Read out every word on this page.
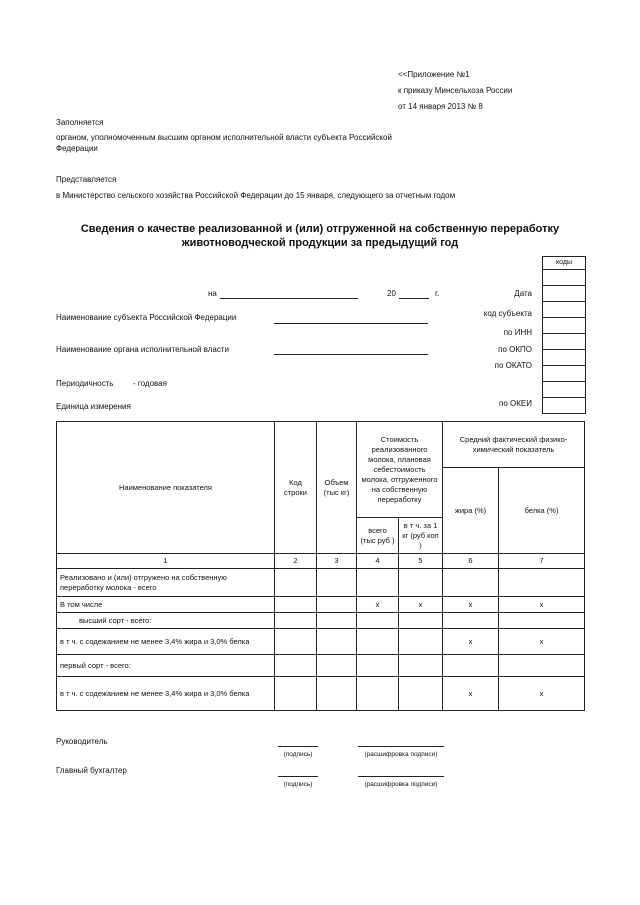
<<Приложение №1
к приказу Минсельхоза России
от 14 января 2013 № 8
Заполняется
органом, уполномоченным высшим органом исполнительной власти субъекта Российской
Федерации
Представляется
в Министерство сельского хозяйства Российской Федерации до 15 января, следующего за отчетным годом
Сведения о качестве реализованной и (или) отгруженной на собственную переработку
животноводческой продукции за предыдущий год
коды
Дата
код субъекта
по ИНН
по ОКПО
по ОКАТО
по ОКЕИ
на	20	г.
Наименование субъекта Российской Федерации
Наименование органа исполнительной власти
Периодичность - годовая
Единица измерения
Наименование показателя	Код строки	Объем (тыс кг)	Стоимость реализованного молока, плановая себестоимость молока, отгруженного на собственную переработку		Средний фактический физико-химический показатель	
					жира (%)	белка (%)
			всего (тыс руб )	в т ч. за 1 кг (руб коп )		
1	2	3	4	5	6	7
Реализовано и (или) отгружено на собственную переработку молока - всего						
В том числе			x	x	x	x
высший сорт - всего:						
в т ч. с содежанием не менее 3,4% жира и 3,0% белка					x	x
первый сорт - всего:						
в т ч. с содежанием не менее 3,4% жира и 3,0% белка					x	x
Руководитель
(подпись)	(расшифровка подписи)
Главный бухгалтер
(подпись)	(расшифровка подписи)
